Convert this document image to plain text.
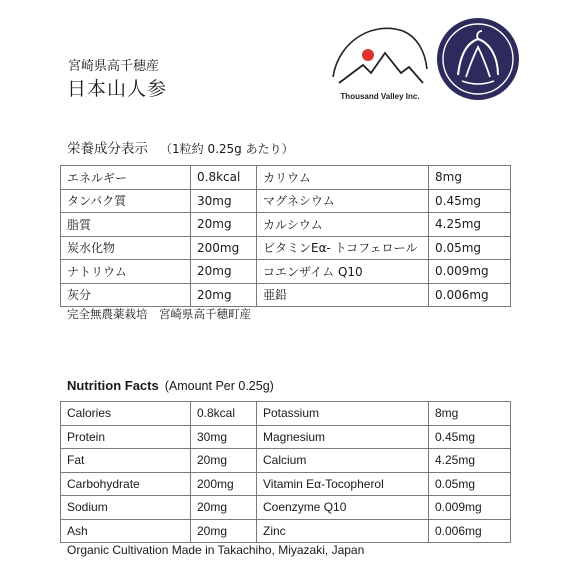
宮崎県高千穂産
日本山人参	Thousand Valley Inc.
栄養成分表示 （1粒約 0.25g あたり）
エネルギー	0.8kcal	カリウム	8mg
タンパク質	30mg	マグネシウム	0.45mg
脂質	20mg	カルシウム	4.25mg
炭水化物	200mg	ビタミンEα- トコフェロール	0.05mg
ナトリウム	20mg	コエンザイム Q10	0.009mg
灰分	20mg	亜鉛	0.006mg
完全無農薬栽培　宮崎県高千穂町産
Nutrition Facts (Amount Per 0.25g)
Calories	0.8kcal	Potassium	8mg
Protein	30mg	Magnesium	0.45mg
Fat	20mg	Calcium	4.25mg
Carbohydrate	200mg	Vitamin Eα-Tocopherol	0.05mg
Sodium	20mg	Coenzyme Q10	0.009mg
Ash	20mg	Zinc	0.006mg
Organic Cultivation Made in Takachiho, Miyazaki, Japan
